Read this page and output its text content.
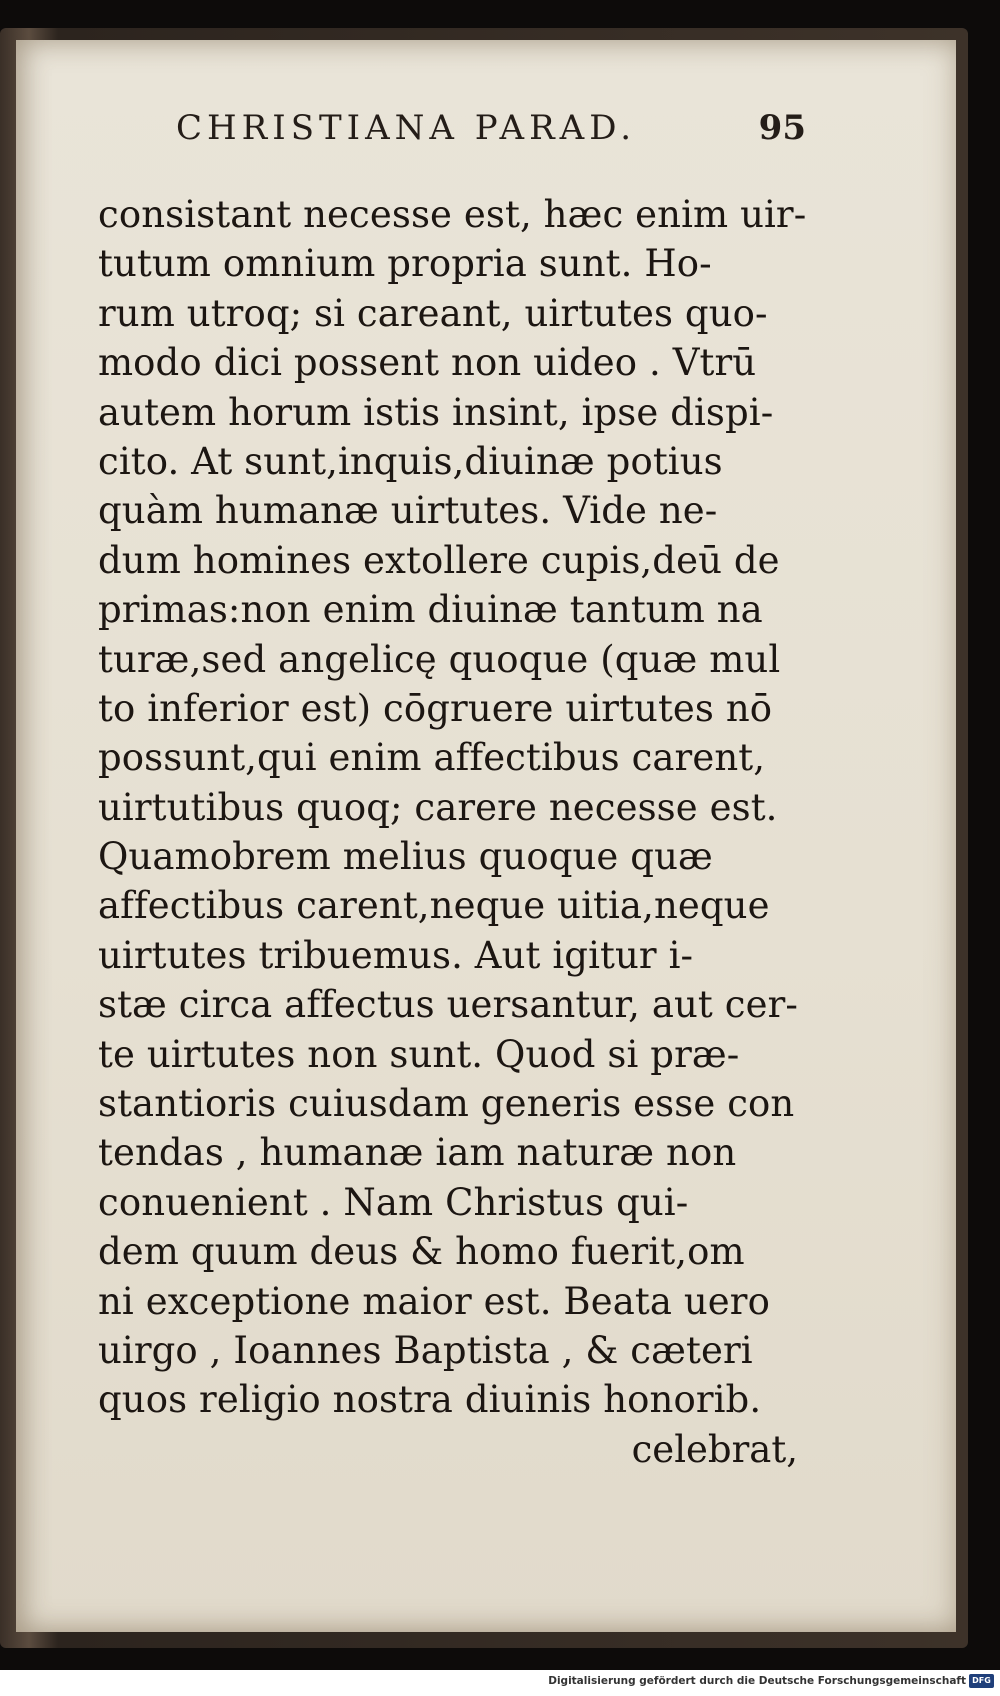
CHRISTIANA PARAD.	95
consistant necesse est, hæc enim uir-
tutum omnium propria sunt. Ho-
rum utroq; si careant, uirtutes quo-
modo dici possent non uideo . Vtrū
autem horum istis insint, ipse dispi-
cito. At sunt,inquis,diuinæ potius
quàm humanæ uirtutes. Vide ne-
dum homines extollere cupis,deū de
primas:non enim diuinæ tantum na
turæ,sed angelicę quoque (quæ mul
to inferior est) cōgruere uirtutes nō
possunt,qui enim affectibus carent,
uirtutibus quoq; carere necesse est.
Quamobrem melius quoque quæ
affectibus carent,neque uitia,neque
uirtutes tribuemus. Aut igitur i-
stæ circa affectus uersantur, aut cer-
te uirtutes non sunt. Quod si præ-
stantioris cuiusdam generis esse con
tendas , humanæ iam naturæ non
conuenient . Nam Christus qui-
dem quum deus & homo fuerit,om
ni exceptione maior est. Beata uero
uirgo , Ioannes Baptista , & cæteri
quos religio nostra diuinis honorib.
celebrat,
Digitalisierung gefördert durch die Deutsche Forschungsgemeinschaft DFG
